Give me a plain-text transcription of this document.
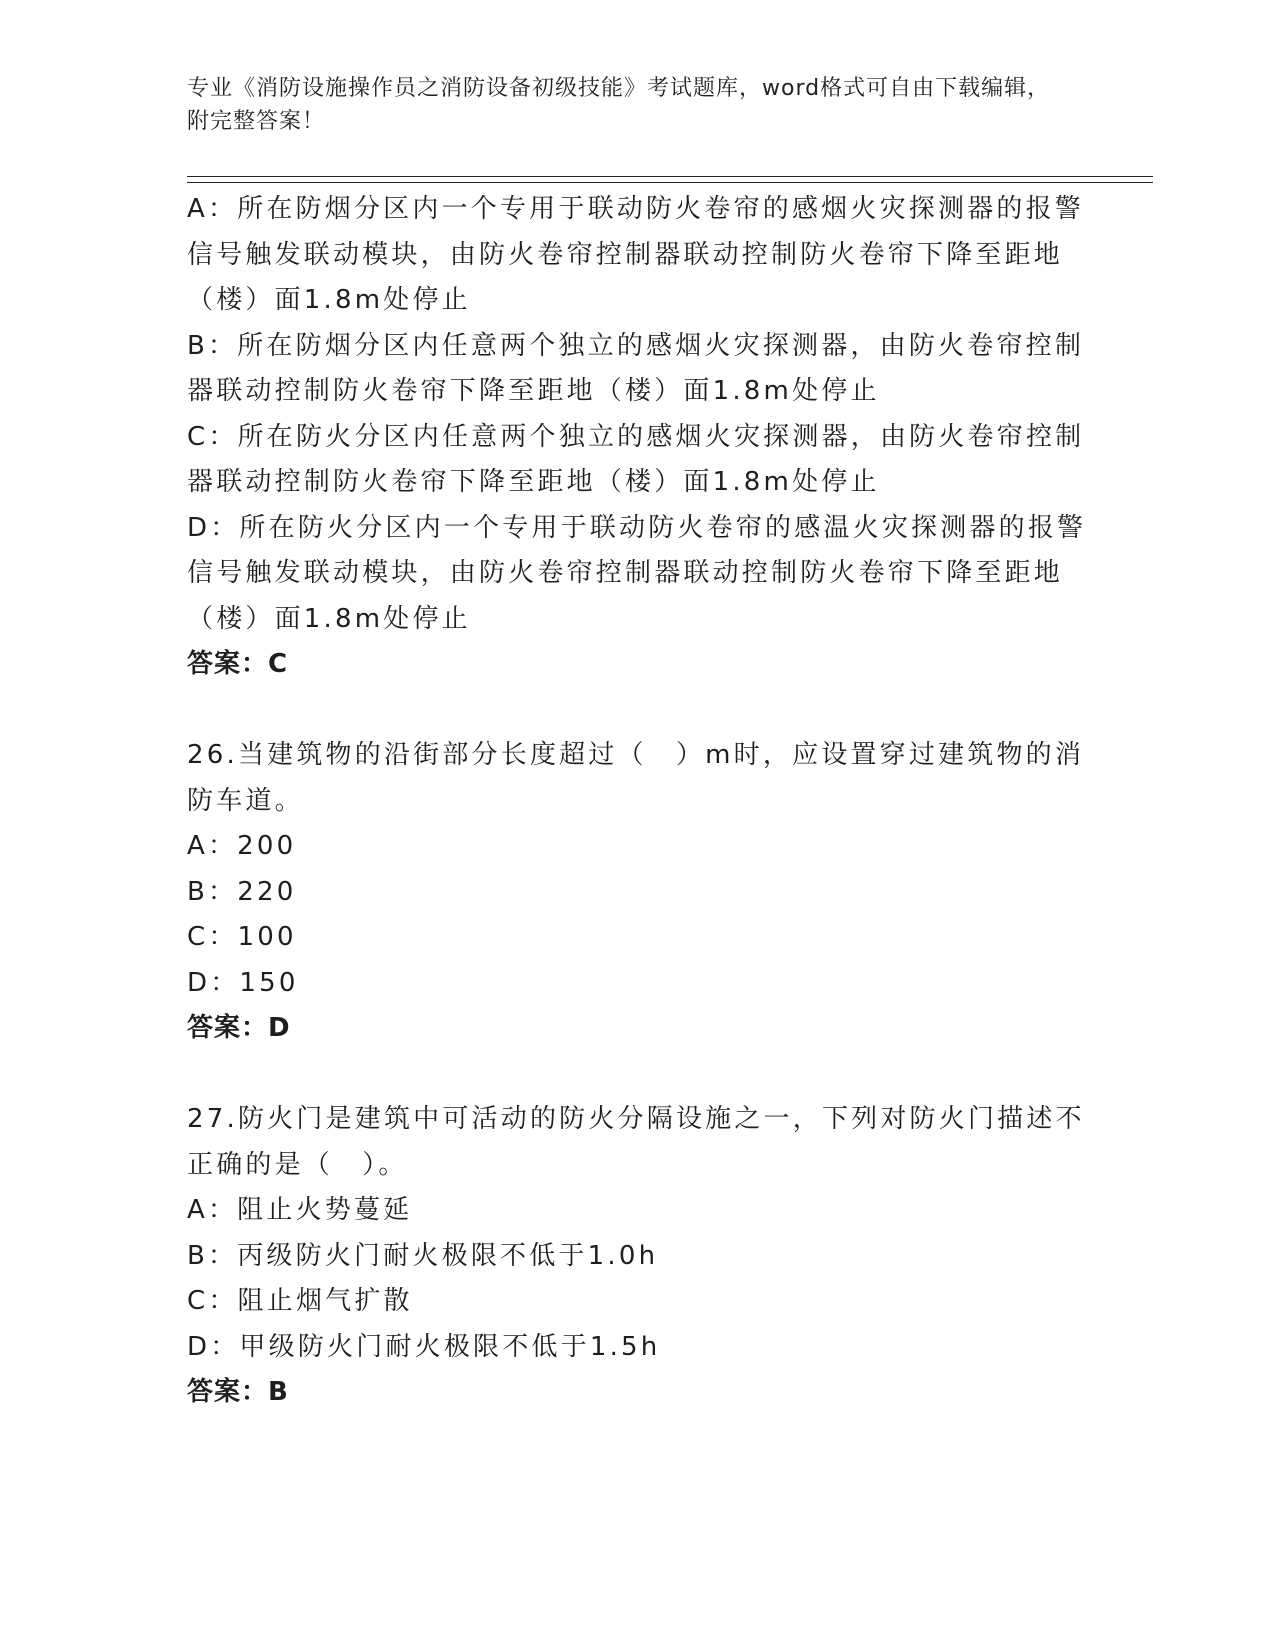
专业《消防设施操作员之消防设备初级技能》考试题库，word格式可自由下载编辑，附完整答案！
A：所在防烟分区内一个专用于联动防火卷帘的感烟火灾探测器的报警
信号触发联动模块，由防火卷帘控制器联动控制防火卷帘下降至距地
（楼）面1.8m处停止
B：所在防烟分区内任意两个独立的感烟火灾探测器，由防火卷帘控制
器联动控制防火卷帘下降至距地（楼）面1.8m处停止
C：所在防火分区内任意两个独立的感烟火灾探测器，由防火卷帘控制
器联动控制防火卷帘下降至距地（楼）面1.8m处停止
D：所在防火分区内一个专用于联动防火卷帘的感温火灾探测器的报警
信号触发联动模块，由防火卷帘控制器联动控制防火卷帘下降至距地
（楼）面1.8m处停止
答案：C
26.当建筑物的沿街部分长度超过（　）m时，应设置穿过建筑物的消
防车道。
A：200
B：220
C：100
D：150
答案：D
27.防火门是建筑中可活动的防火分隔设施之一，下列对防火门描述不
正确的是（　）。
A：阻止火势蔓延
B：丙级防火门耐火极限不低于1.0h
C：阻止烟气扩散
D：甲级防火门耐火极限不低于1.5h
答案：B
